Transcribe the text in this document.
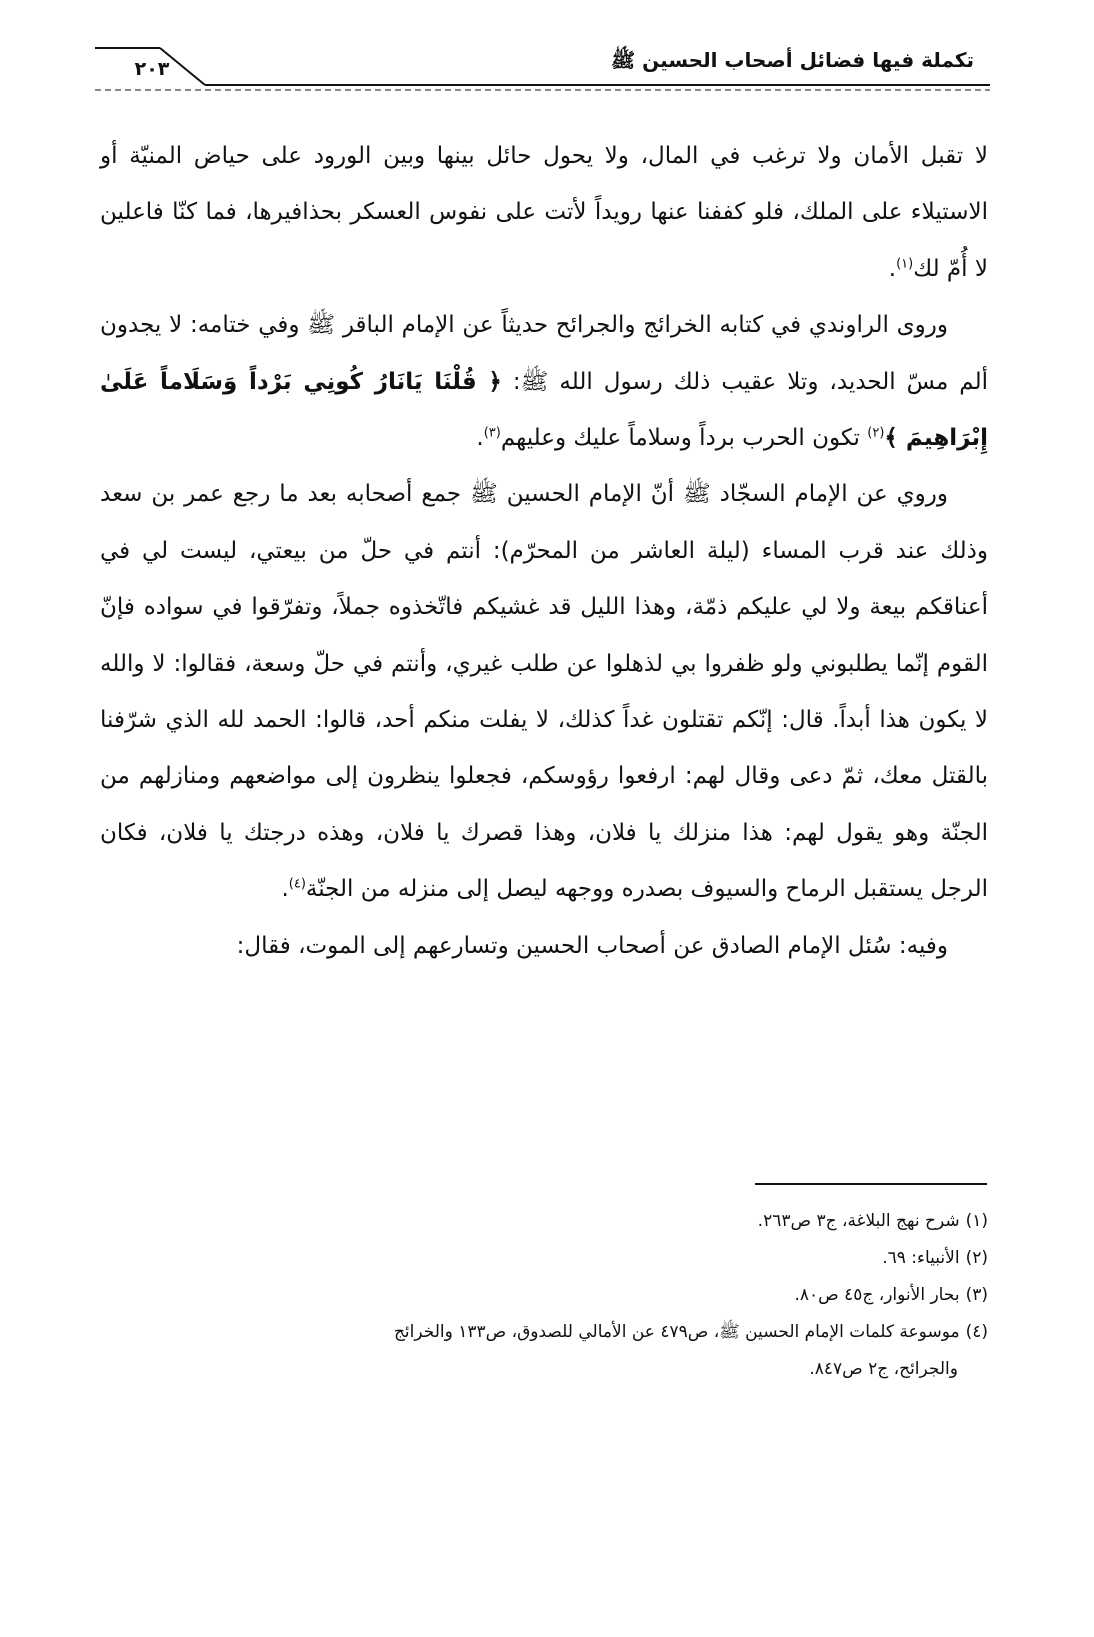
تكملة فيها فضائل أصحاب الحسين ﷺ
٢٠٣

لا تقبل الأمان ولا ترغب في المال، ولا يحول حائل بينها وبين الورود على حياض المنيّة أو الاستيلاء على الملك، فلو كففنا عنها رويداً لأتت على نفوس العسكر بحذافيرها، فما كنّا فاعلين لا أُمّ لك$^{(١)}$.

وروى الراوندي في كتابه الخرائج والجرائح حديثاً عن الإمام الباقر ﷺ وفي ختامه: لا يجدون ألم مسّ الحديد، وتلا عقيب ذلك رسول الله ﷺ: ﴿ قُلْنَا يَانَارُ كُونِي بَرْداً وَسَلَاماً عَلَىٰ إِبْرَاهِيمَ ﴾$^{(٢)}$ تكون الحرب برداً وسلاماً عليك وعليهم$^{(٣)}$.

وروي عن الإمام السجّاد ﷺ أنّ الإمام الحسين ﷺ جمع أصحابه بعد ما رجع عمر بن سعد وذلك عند قرب المساء (ليلة العاشر من المحرّم): أنتم في حلّ من بيعتي، ليست لي في أعناقكم بيعة ولا لي عليكم ذمّة، وهذا الليل قد غشيكم فاتّخذوه جملاً، وتفرّقوا في سواده فإنّ القوم إنّما يطلبوني ولو ظفروا بي لذهلوا عن طلب غيري، وأنتم في حلّ وسعة، فقالوا: لا والله لا يكون هذا أبداً. قال: إنّكم تقتلون غداً كذلك، لا يفلت منكم أحد، قالوا: الحمد لله الذي شرّفنا بالقتل معك، ثمّ دعى وقال لهم: ارفعوا رؤوسكم، فجعلوا ينظرون إلى مواضعهم ومنازلهم من الجنّة وهو يقول لهم: هذا منزلك يا فلان، وهذا قصرك يا فلان، وهذه درجتك يا فلان، فكان الرجل يستقبل الرماح والسيوف بصدره ووجهه ليصل إلى منزله من الجنّة$^{(٤)}$.

وفيه: سُئل الإمام الصادق عن أصحاب الحسين وتسارعهم إلى الموت، فقال:

(١)شرح نهج البلاغة، ج٣ ص٢٦٣.

(٢)الأنبياء: ٦٩.

(٣)بحار الأنوار، ج٤٥ ص٨٠.

(٤)موسوعة كلمات الإمام الحسين ﷺ، ص٤٧٩ عن الأمالي للصدوق، ص١٣٣ والخرائج

والجرائح، ج٢ ص٨٤٧.
